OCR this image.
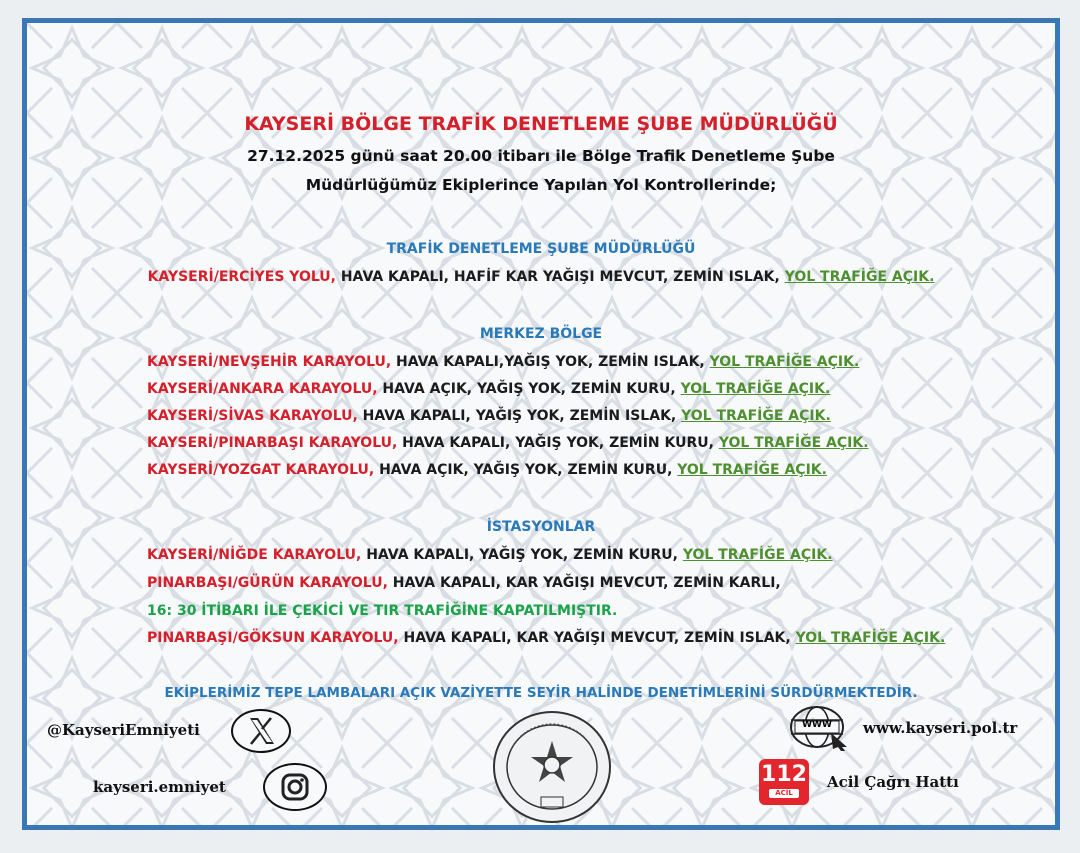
KAYSERİ BÖLGE TRAFİK DENETLEME ŞUBE MÜDÜRLÜĞÜ
27.12.2025 günü saat 20.00 itibarı ile Bölge Trafik Denetleme Şube
Müdürlüğümüz Ekiplerince Yapılan Yol Kontrollerinde;
TRAFİK DENETLEME ŞUBE MÜDÜRLÜĞÜ
KAYSERİ/ERCİYES YOLU, HAVA KAPALI, HAFİF KAR YAĞIŞI MEVCUT, ZEMİN ISLAK, YOL TRAFİĞE AÇIK.
MERKEZ BÖLGE
KAYSERİ/NEVŞEHİR KARAYOLU, HAVA KAPALI,YAĞIŞ YOK, ZEMİN ISLAK, YOL TRAFİĞE AÇIK.
KAYSERİ/ANKARA KARAYOLU, HAVA AÇIK, YAĞIŞ YOK, ZEMİN KURU, YOL TRAFİĞE AÇIK.
KAYSERİ/SİVAS KARAYOLU, HAVA KAPALI, YAĞIŞ YOK, ZEMİN ISLAK, YOL TRAFİĞE AÇIK.
KAYSERİ/PINARBAŞI KARAYOLU, HAVA KAPALI, YAĞIŞ YOK, ZEMİN KURU, YOL TRAFİĞE AÇIK.
KAYSERİ/YOZGAT KARAYOLU, HAVA AÇIK, YAĞIŞ YOK, ZEMİN KURU, YOL TRAFİĞE AÇIK.
İSTASYONLAR
KAYSERİ/NİĞDE KARAYOLU, HAVA KAPALI, YAĞIŞ YOK, ZEMİN KURU, YOL TRAFİĞE AÇIK.
PINARBAŞI/GÜRÜN KARAYOLU, HAVA KAPALI, KAR YAĞIŞI MEVCUT, ZEMİN KARLI,
16: 30 İTİBARI İLE ÇEKİCİ VE TIR TRAFİĞİNE KAPATILMIŞTIR.
PINARBAŞI/GÖKSUN KARAYOLU, HAVA KAPALI, KAR YAĞIŞI MEVCUT, ZEMİN ISLAK, YOL TRAFİĞE AÇIK.
EKİPLERİMİZ TEPE LAMBALARI AÇIK VAZİYETTE SEYİR HALİNDE DENETİMLERİNİ SÜRDÜRMEKTEDİR.
@KayseriEmniyeti
kayseri.emniyet
WWW www.kayseri.pol.tr
112
ACİL
Acil Çağrı Hattı
